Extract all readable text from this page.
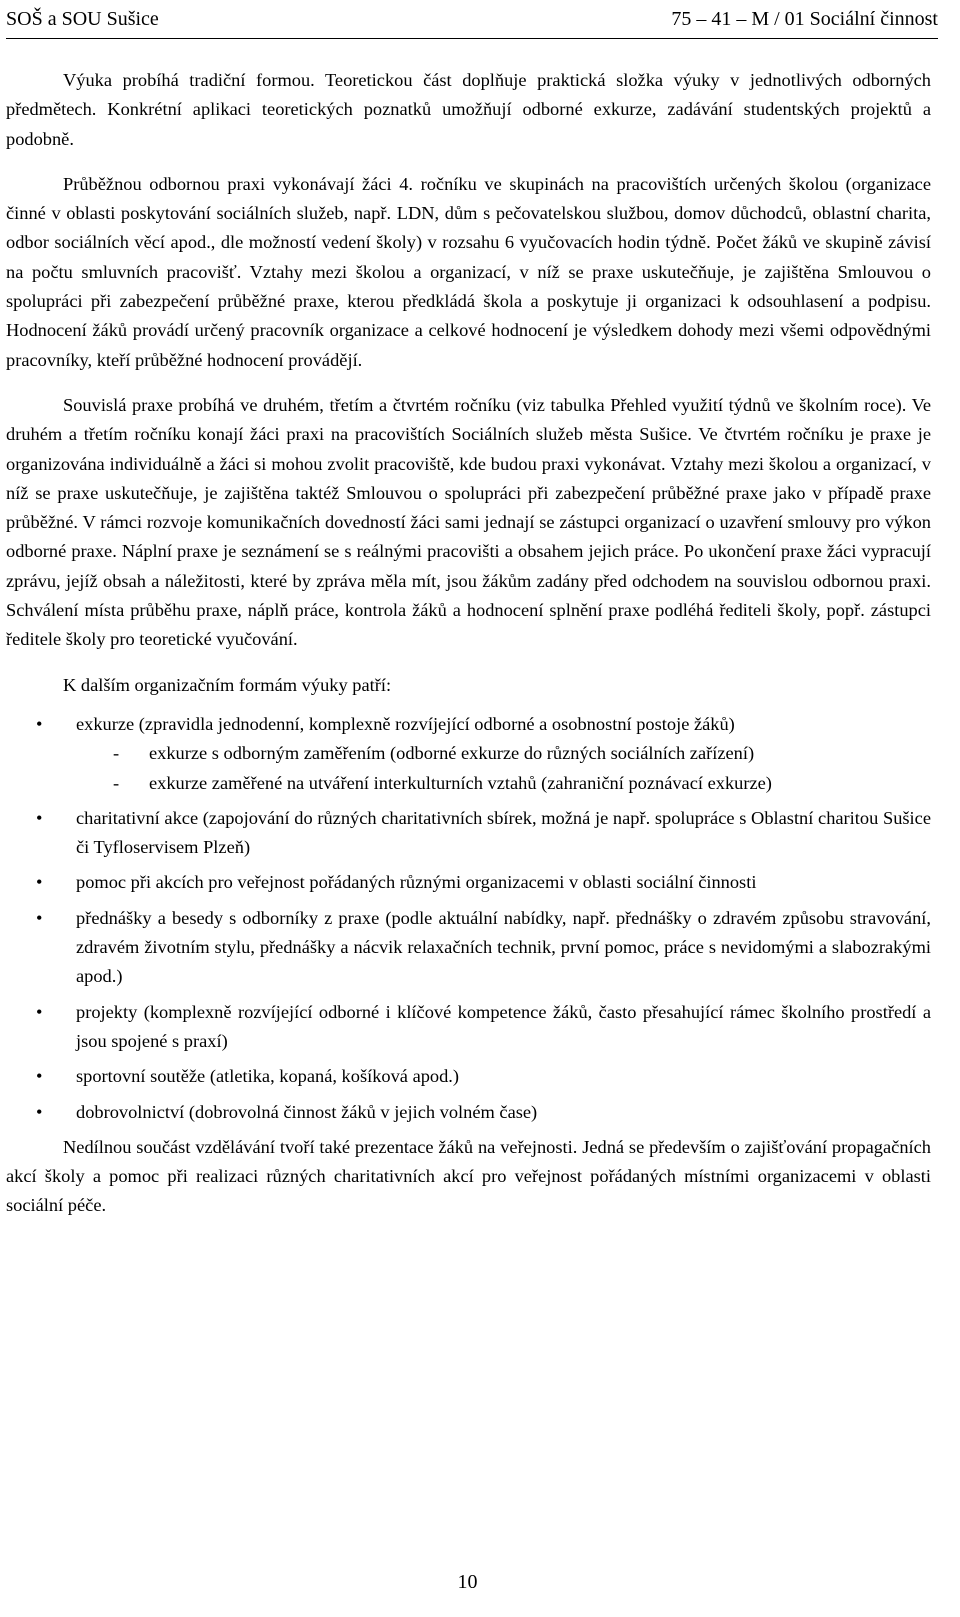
SOŠ a SOU Sušice	75 – 41 – M / 01 Sociální činnost

Výuka probíhá tradiční formou. Teoretickou část doplňuje praktická složka výuky v jednotlivých odborných předmětech. Konkrétní aplikaci teoretických poznatků umožňují odborné exkurze, zadávání studentských projektů a podobně.

Průběžnou odbornou praxi vykonávají žáci 4. ročníku ve skupinách na pracovištích určených školou (organizace činné v oblasti poskytování sociálních služeb, např. LDN, dům s pečovatelskou službou, domov důchodců, oblastní charita, odbor sociálních věcí apod., dle možností vedení školy) v rozsahu 6 vyučovacích hodin týdně. Počet žáků ve skupině závisí na počtu smluvních pracovišť. Vztahy mezi školou a organizací, v níž se praxe uskutečňuje, je zajištěna Smlouvou o spolupráci při zabezpečení průběžné praxe, kterou předkládá škola a poskytuje ji organizaci k odsouhlasení a podpisu. Hodnocení žáků provádí určený pracovník organizace a celkové hodnocení je výsledkem dohody mezi všemi odpovědnými pracovníky, kteří průběžné hodnocení provádějí.

Souvislá praxe probíhá ve druhém, třetím a čtvrtém ročníku (viz tabulka Přehled využití týdnů ve školním roce). Ve druhém a třetím ročníku konají žáci praxi na pracovištích Sociálních služeb města Sušice. Ve čtvrtém ročníku je praxe je organizována individuálně a žáci si mohou zvolit pracoviště, kde budou praxi vykonávat. Vztahy mezi školou a organizací, v níž se praxe uskutečňuje, je zajištěna taktéž Smlouvou o spolupráci při zabezpečení průběžné praxe jako v případě praxe průběžné. V rámci rozvoje komunikačních dovedností žáci sami jednají se zástupci organizací o uzavření smlouvy pro výkon odborné praxe. Náplní praxe je seznámení se s reálnými pracovišti a obsahem jejich práce. Po ukončení praxe žáci vypracují zprávu, jejíž obsah a náležitosti, které by zpráva měla mít, jsou žákům zadány před odchodem na souvislou odbornou praxi. Schválení místa průběhu praxe, náplň práce, kontrola žáků a hodnocení splnění praxe podléhá řediteli školy, popř. zástupci ředitele školy pro teoretické vyučování.

K dalším organizačním formám výuky patří:

• exkurze (zpravidla jednodenní, komplexně rozvíjející odborné a osobnostní postoje žáků)
- exkurze s odborným zaměřením (odborné exkurze do různých sociálních zařízení)
- exkurze zaměřené na utváření interkulturních vztahů (zahraniční poznávací exkurze)
• charitativní akce (zapojování do různých charitativních sbírek, možná je např. spolupráce s Oblastní charitou Sušice či Tyfloservisem Plzeň)
• pomoc při akcích pro veřejnost pořádaných různými organizacemi v oblasti sociální činnosti
• přednášky a besedy s odborníky z praxe (podle aktuální nabídky, např. přednášky o zdravém způsobu stravování, zdravém životním stylu, přednášky a nácvik relaxačních technik, první pomoc, práce s nevidomými a slabozrakými apod.)
• projekty (komplexně rozvíjející odborné i klíčové kompetence žáků, často přesahující rámec školního prostředí a jsou spojené s praxí)
• sportovní soutěže (atletika, kopaná, košíková apod.)
• dobrovolnictví (dobrovolná činnost žáků v jejich volném čase)

Nedílnou součást vzdělávání tvoří také prezentace žáků na veřejnosti. Jedná se především o zajišťování propagačních akcí školy a pomoc při realizaci různých charitativních akcí pro veřejnost pořádaných místními organizacemi v oblasti sociální péče.

10
